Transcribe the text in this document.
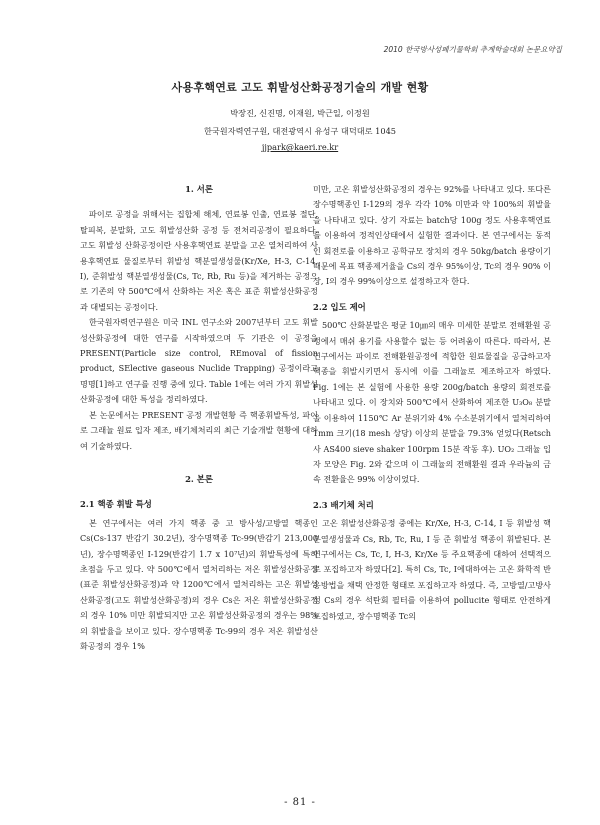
2010 한국방사성폐기물학회 추계학술대회 논문요약집
사용후핵연료 고도 휘발성산화공정기술의 개발 현황
박장진, 신진명, 이재원, 박근일, 이정원
한국원자력연구원, 대전광역시 유성구 대덕대로 1045
jjpark@kaeri.re.kr
1. 서론

파이로 공정을 위해서는 집합체 해체, 연료봉 인출, 연료봉 절단, 탈피복, 분말화, 고도 휘발성산화 공정 등 전처리공정이 필요하다. 고도 휘발성 산화공정이란 사용후핵연료 분말을 고온 열처리하여 사용후핵연료 물질로부터 휘발성 핵분열생성물(Kr/Xe, H-3, C-14, I), 준휘발성 핵분열생성물(Cs, Tc, Rb, Ru 등)을 제거하는 공정으로 기존의 약 500℃에서 산화하는 저온 혹은 표준 휘발성산화공정과 대별되는 공정이다.

한국원자력연구원은 미국 INL 연구소와 2007년부터 고도 휘발성산화공정에 대한 연구를 시작하였으며 두 기관은 이 공정을 PRESENT(Particle size control, REmoval of fission product, SElective gaseous Nuclide Trapping) 공정이라고 명명[1]하고 연구를 진행 중에 있다. Table 1에는 여러 가지 휘발성산화공정에 대한 특성을 정리하였다.

본 논문에서는 PRESENT 공정 개발현황 즉 핵종휘발특성, 파이로 그래뉼 원료 입자 제조, 배기체처리의 최근 기술개발 현황에 대하여 기술하였다.

2. 본론
2.1 핵종 휘발 특성

본 연구에서는 여러 가지 핵종 중 고 방사성/고방열 핵종인 Cs(Cs-137 반감기 30.2년), 장수명핵종 Tc-99(반감기 213,000년), 장수명핵종인 I-129(반감기 1.7 x 10⁷년)의 휘발특성에 특히 초점을 두고 있다. 약 500℃에서 열처리하는 저온 휘발성산화공정(표준 휘발성산화공정)과 약 1200℃에서 열처리하는 고온 휘발성산화공정(고도 휘발성산화공정)의 경우 Cs은 저온 휘발성산화공정의 경우 10% 미만 휘발되지만 고온 휘발성산화공정의 경우는 98%의 휘발율을 보이고 있다. 장수명핵종 Tc-99의 경우 저온 휘발성산화공정의 경우 1%

미만, 고온 휘발성산화공정의 경우는 92%를 나타내고 있다. 또다른 장수명핵종인 I-129의 경우 각각 10% 미만과 약 100%의 휘발율을 나타내고 있다. 상기 자료는 batch당 100g 정도 사용후핵연료를 이용하여 정적인상태에서 실험한 결과이다. 본 연구에서는 동적인 회전로를 이용하고 공학규모 장치의 경우 50kg/batch 용량이기 때문에 목표 핵종제거율을 Cs의 경우 95%이상, Tc의 경우 90% 이상, I의 경우 99%이상으로 설정하고자 한다.

2.2 입도 제어

500℃ 산화분말은 평균 10㎛의 매우 미세한 분말로 전해환원 공정에서 매쉬 용기를 사용할수 없는 등 어려움이 따른다. 따라서, 본 연구에서는 파이로 전해환원공정에 적합한 원료물질을 공급하고자 핵종을 휘발시키면서 동시에 이를 그래뉼로 제조하고자 하였다. Fig. 1에는 본 실험에 사용한 용량 200g/batch 용량의 회전로를 나타내고 있다. 이 장치와 500℃에서 산화하여 제조한 U₃O₈ 분말을 이용하여 1150℃ Ar 분위기와 4% 수소분위기에서 열처리하여 1mm 크기(18 mesh 상당) 이상의 분말을 79.3% 얻었다(Retsch사 AS400 sieve shaker 100rpm 15분 작동 후). UO₂ 그래뉼 입자 모양은 Fig. 2와 같으며 이 그래뉼의 전해환원 결과 우라늄의 금속 전환율은 99% 이상이었다.

2.3 배기체 처리

고온 휘발성산화공정 중에는 Kr/Xe, H-3, C-14, I 등 휘발성 핵분열생성물과 Cs, Rb, Tc, Ru, I 등 준 휘발성 핵종이 휘발된다. 본 연구에서는 Cs, Tc, I, H-3, Kr/Xe 등 주요핵종에 대하여 선택적으로 포집하고자 하였다[2]. 특히 Cs, Tc, I에대하여는 고온 화학적 반응방법을 채택 안정한 형태로 포집하고자 하였다. 즉, 고방열/고방사성 Cs의 경우 석탄회 필터를 이용하여 pollucite 형태로 안전하게 포집하였고, 장수명핵종 Tc의

- 81 -
